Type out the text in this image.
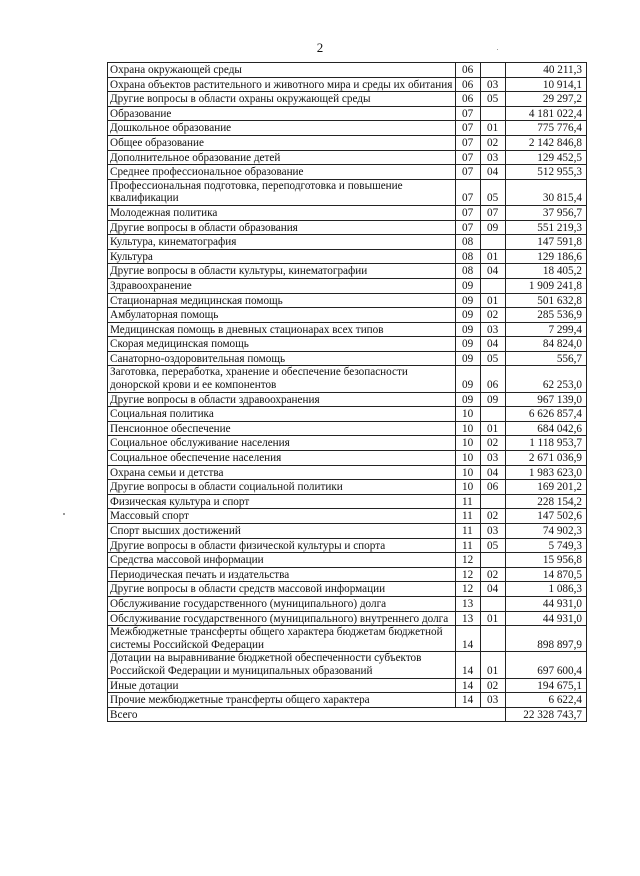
2
Охрана окружающей среды	06		40 211,3
Охрана объектов растительного и животного мира и среды их обитания	06	03	10 914,1
Другие вопросы в области охраны окружающей среды	06	05	29 297,2
Образование	07		4 181 022,4
Дошкольное образование	07	01	775 776,4
Общее образование	07	02	2 142 846,8
Дополнительное образование детей	07	03	129 452,5
Среднее профессиональное образование	07	04	512 955,3
Профессиональная подготовка, переподготовка и повышение квалификации	07	05	30 815,4
Молодежная политика	07	07	37 956,7
Другие вопросы в области образования	07	09	551 219,3
Культура, кинематография	08		147 591,8
Культура	08	01	129 186,6
Другие вопросы в области культуры, кинематографии	08	04	18 405,2
Здравоохранение	09		1 909 241,8
Стационарная медицинская помощь	09	01	501 632,8
Амбулаторная помощь	09	02	285 536,9
Медицинская помощь в дневных стационарах всех типов	09	03	7 299,4
Скорая медицинская помощь	09	04	84 824,0
Санаторно-оздоровительная помощь	09	05	556,7
Заготовка, переработка, хранение и обеспечение безопасности донорской крови и ее компонентов	09	06	62 253,0
Другие вопросы в области здравоохранения	09	09	967 139,0
Социальная политика	10		6 626 857,4
Пенсионное обеспечение	10	01	684 042,6
Социальное обслуживание населения	10	02	1 118 953,7
Социальное обеспечение населения	10	03	2 671 036,9
Охрана семьи и детства	10	04	1 983 623,0
Другие вопросы в области социальной политики	10	06	169 201,2
Физическая культура и спорт	11		228 154,2
Массовый спорт	11	02	147 502,6
Спорт высших достижений	11	03	74 902,3
Другие вопросы в области физической культуры и спорта	11	05	5 749,3
Средства массовой информации	12		15 956,8
Периодическая печать и издательства	12	02	14 870,5
Другие вопросы в области средств массовой информации	12	04	1 086,3
Обслуживание государственного (муниципального) долга	13		44 931,0
Обслуживание государственного (муниципального) внутреннего долга	13	01	44 931,0
Межбюджетные трансферты общего характера бюджетам бюджетной системы Российской Федерации	14		898 897,9
Дотации на выравнивание бюджетной обеспеченности субъектов Российской Федерации и муниципальных образований	14	01	697 600,4
Иные дотации	14	02	194 675,1
Прочие межбюджетные трансферты общего характера	14	03	6 622,4
Всего			22 328 743,7
